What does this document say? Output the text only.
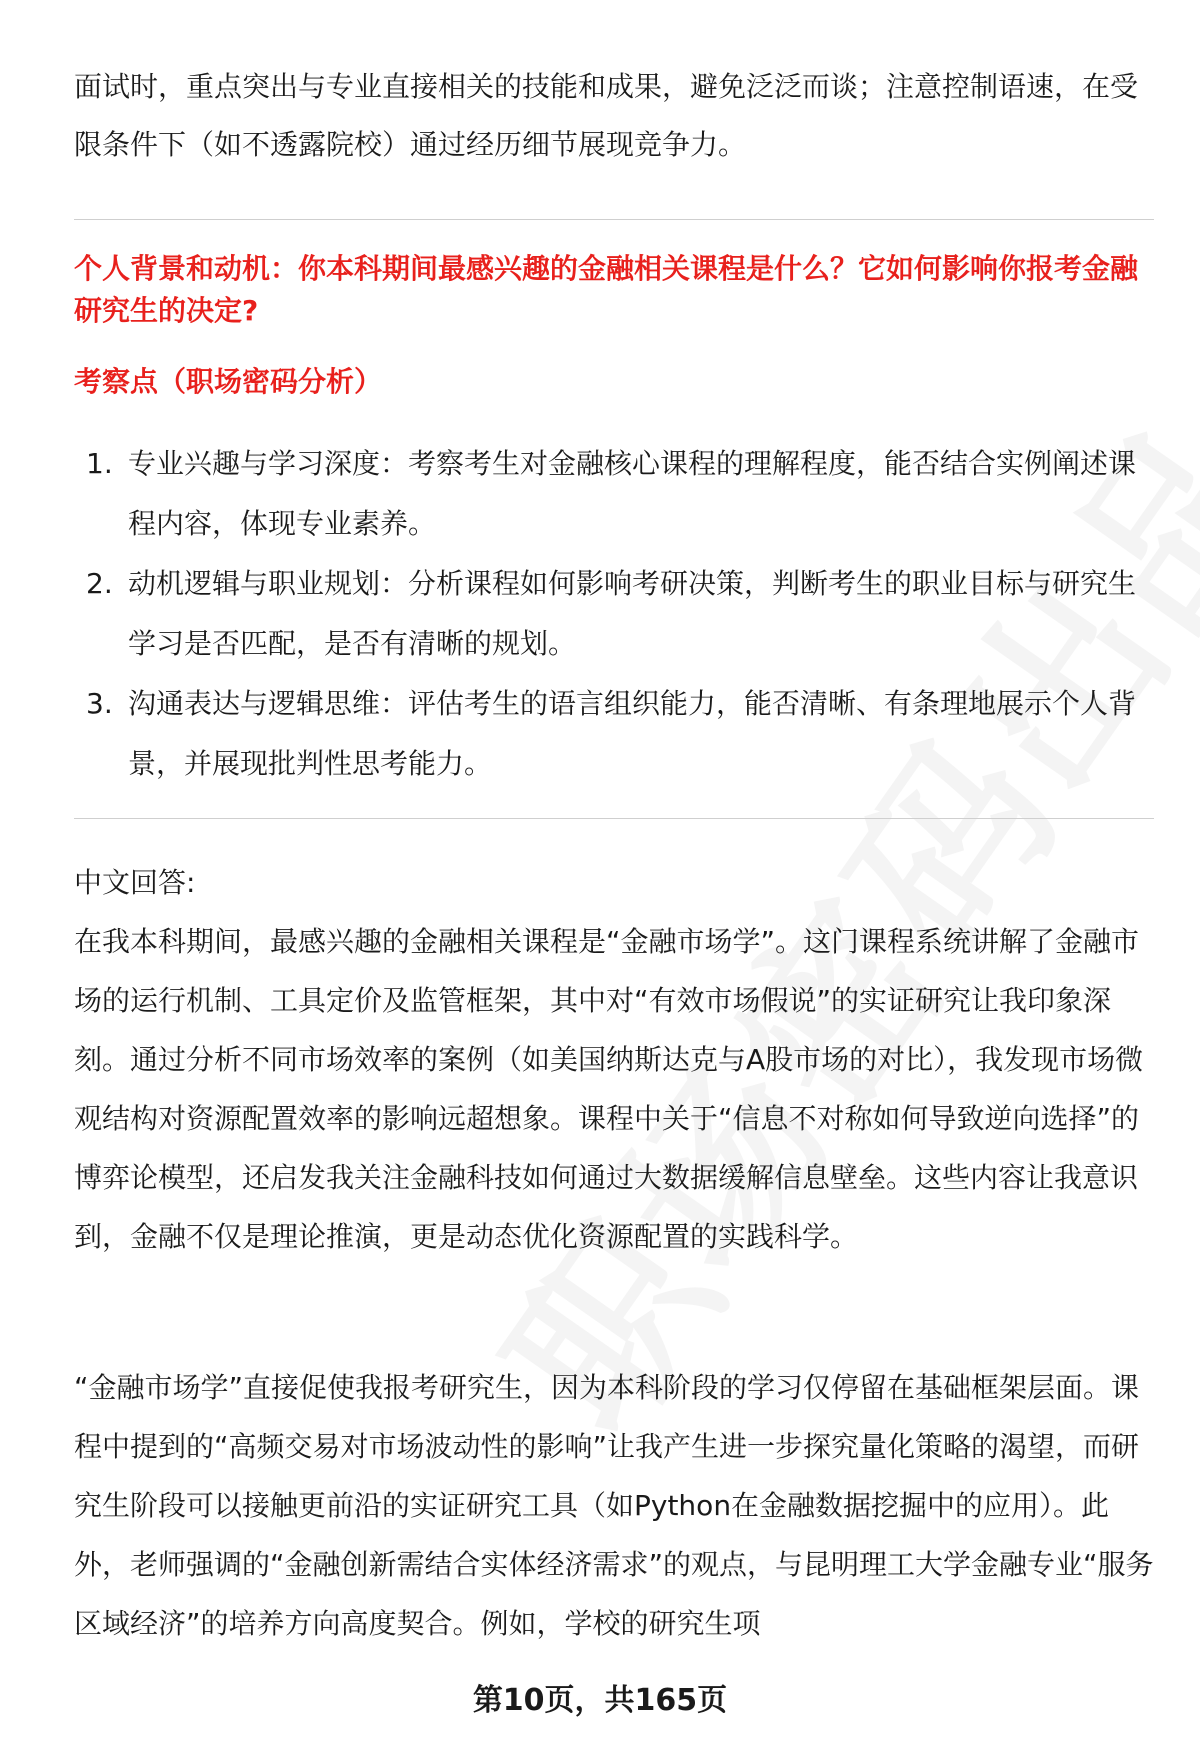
面试时，重点突出与专业直接相关的技能和成果，避免泛泛而谈；注意控制语速，在受限条件下（如不透露院校）通过经历细节展现竞争力。
个人背景和动机：你本科期间最感兴趣的金融相关课程是什么？它如何影响你报考金融研究生的决定?
考察点（职场密码分析）
1. 专业兴趣与学习深度：考察考生对金融核心课程的理解程度，能否结合实例阐述课程内容，体现专业素养。
2. 动机逻辑与职业规划：分析课程如何影响考研决策，判断考生的职业目标与研究生学习是否匹配，是否有清晰的规划。
3. 沟通表达与逻辑思维：评估考生的语言组织能力，能否清晰、有条理地展示个人背景，并展现批判性思考能力。
中文回答:

在我本科期间，最感兴趣的金融相关课程是“金融市场学”。这门课程系统讲解了金融市场的运行机制、工具定价及监管框架，其中对“有效市场假说”的实证研究让我印象深刻。通过分析不同市场效率的案例（如美国纳斯达克与A股市场的对比），我发现市场微观结构对资源配置效率的影响远超想象。课程中关于“信息不对称如何导致逆向选择”的博弈论模型，还启发我关注金融科技如何通过大数据缓解信息壁垒。这些内容让我意识到，金融不仅是理论推演，更是动态优化资源配置的实践科学。

“金融市场学”直接促使我报考研究生，因为本科阶段的学习仅停留在基础框架层面。课程中提到的“高频交易对市场波动性的影响”让我产生进一步探究量化策略的渴望，而研究生阶段可以接触更前沿的实证研究工具（如Python在金融数据挖掘中的应用）。此外，老师强调的“金融创新需结合实体经济需求”的观点，与昆明理工大学金融专业“服务区域经济”的培养方向高度契合。例如，学校的研究生项

第10页，共165页
